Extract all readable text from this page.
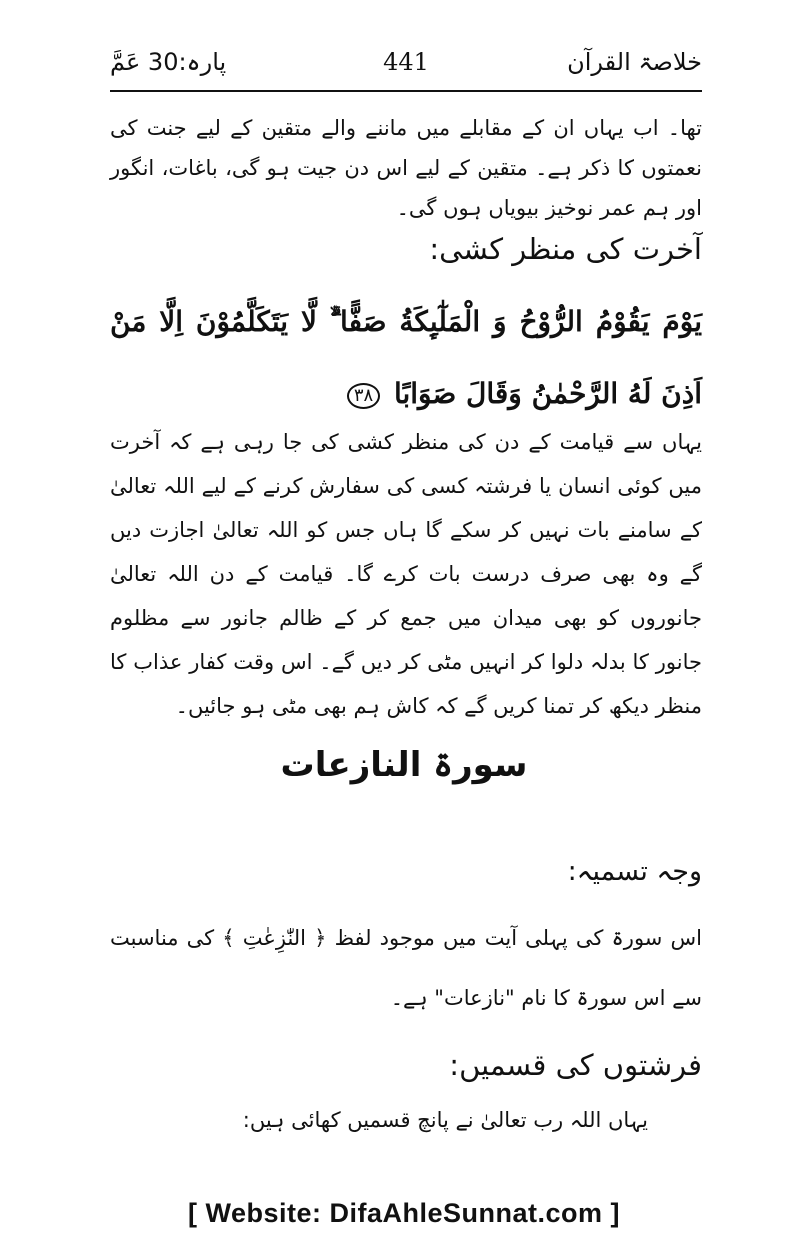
خلاصۃ القرآن
441
پارہ:30 عَمَّ
تھا۔ اب یہاں ان کے مقابلے میں ماننے والے متقین کے لیے جنت کی نعمتوں کا ذکر ہے۔ متقین کے لیے اس دن جیت ہو گی، باغات، انگور اور ہم عمر نوخیز بیویاں ہوں گی۔
آخرت کی منظر کشی:
يَوْمَ يَقُوْمُ الرُّوْحُ وَ الْمَلٰٓىِٕكَةُ صَفًّا ۙۗ لَّا يَتَكَلَّمُوْنَ اِلَّا مَنْ اَذِنَ لَهُ الرَّحْمٰنُ وَقَالَ صَوَابًا ۳۸
یہاں سے قیامت کے دن کی منظر کشی کی جا رہی ہے کہ آخرت میں کوئی انسان یا فرشتہ کسی کی سفارش کرنے کے لیے اللہ تعالیٰ کے سامنے بات نہیں کر سکے گا ہاں جس کو اللہ تعالیٰ اجازت دیں گے وہ بھی صرف درست بات کرے گا۔ قیامت کے دن اللہ تعالیٰ جانوروں کو بھی میدان میں جمع کر کے ظالم جانور سے مظلوم جانور کا بدلہ دلوا کر انہیں مٹی کر دیں گے۔ اس وقت کفار عذاب کا منظر دیکھ کر تمنا کریں گے کہ کاش ہم بھی مٹی ہو جائیں۔
سورۃ النازعات
وجہ تسمیہ:
اس سورۃ کی پہلی آیت میں موجود لفظ ﴿ النّٰزِعٰتِ ﴾ کی مناسبت سے اس سورۃ کا نام "نازعات" ہے۔
فرشتوں کی قسمیں:
یہاں اللہ رب تعالیٰ نے پانچ قسمیں کھائی ہیں:
[ Website: DifaAhleSunnat.com ]
